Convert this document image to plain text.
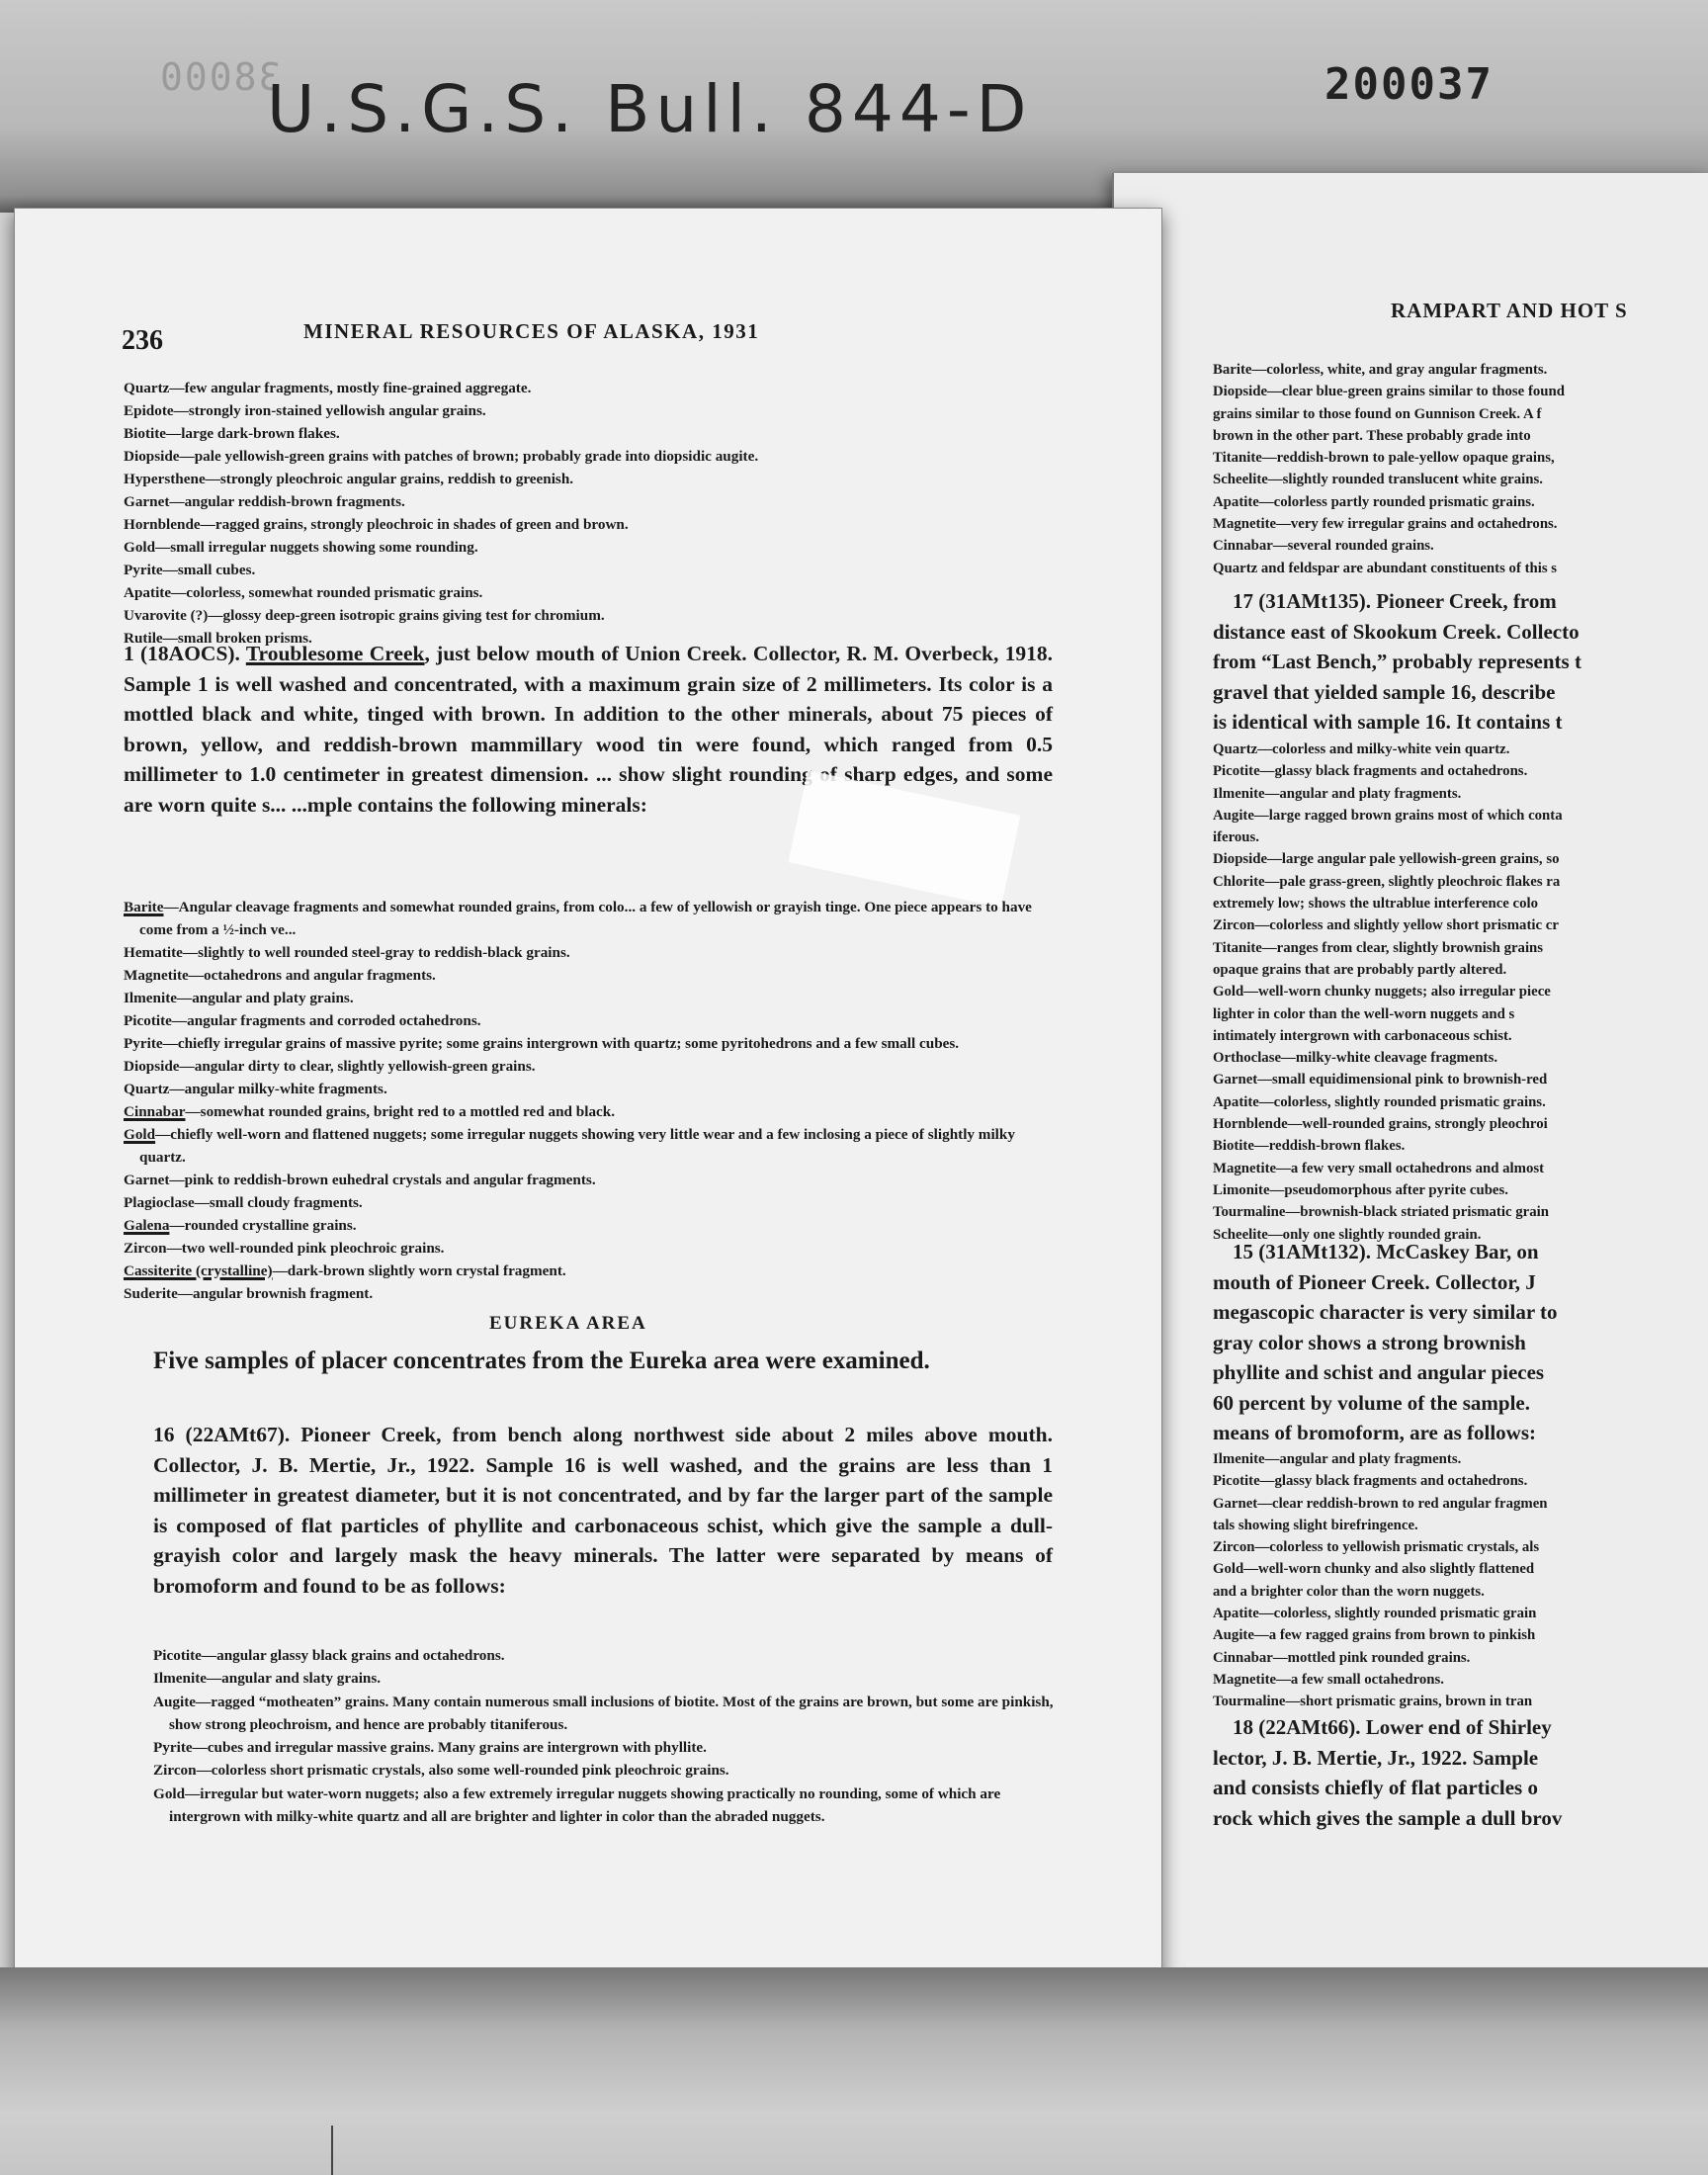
38000
U.S.G.S. Bull. 844-D	200037
RAMPART AND HOT S
Barite—colorless, white, and gray angular fragments.
Diopside—clear blue-green grains similar to those found
grains similar to those found on Gunnison Creek. A f
brown in the other part. These probably grade into
Titanite—reddish-brown to pale-yellow opaque grains,
Scheelite—slightly rounded translucent white grains.
Apatite—colorless partly rounded prismatic grains.
Magnetite—very few irregular grains and octahedrons.
Cinnabar—several rounded grains.
Quartz and feldspar are abundant constituents of this s
17 (31AMt135). Pioneer Creek, from
distance east of Skookum Creek. Collecto
from “Last Bench,” probably represents t
gravel that yielded sample 16, describe
is identical with sample 16. It contains t
Quartz—colorless and milky-white vein quartz.
Picotite—glassy black fragments and octahedrons.
Ilmenite—angular and platy fragments.
Augite—large ragged brown grains most of which conta
iferous.
Diopside—large angular pale yellowish-green grains, so
Chlorite—pale grass-green, slightly pleochroic flakes ra
extremely low; shows the ultrablue interference colo
Zircon—colorless and slightly yellow short prismatic cr
Titanite—ranges from clear, slightly brownish grains
opaque grains that are probably partly altered.
Gold—well-worn chunky nuggets; also irregular piece
lighter in color than the well-worn nuggets and s
intimately intergrown with carbonaceous schist.
Orthoclase—milky-white cleavage fragments.
Garnet—small equidimensional pink to brownish-red
Apatite—colorless, slightly rounded prismatic grains.
Hornblende—well-rounded grains, strongly pleochroi
Biotite—reddish-brown flakes.
Magnetite—a few very small octahedrons and almost
Limonite—pseudomorphous after pyrite cubes.
Tourmaline—brownish-black striated prismatic grain
Scheelite—only one slightly rounded grain.
15 (31AMt132). McCaskey Bar, on
mouth of Pioneer Creek. Collector, J
megascopic character is very similar to
gray color shows a strong brownish
phyllite and schist and angular pieces
60 percent by volume of the sample.
means of bromoform, are as follows:
Ilmenite—angular and platy fragments.
Picotite—glassy black fragments and octahedrons.
Garnet—clear reddish-brown to red angular fragmen
tals showing slight birefringence.
Zircon—colorless to yellowish prismatic crystals, als
Gold—well-worn chunky and also slightly flattened
and a brighter color than the worn nuggets.
Apatite—colorless, slightly rounded prismatic grain
Augite—a few ragged grains from brown to pinkish
Cinnabar—mottled pink rounded grains.
Magnetite—a few small octahedrons.
Tourmaline—short prismatic grains, brown in tran
18 (22AMt66). Lower end of Shirley
lector, J. B. Mertie, Jr., 1922. Sample
and consists chiefly of flat particles o
rock which gives the sample a dull brov
236	MINERAL RESOURCES OF ALASKA, 1931
Quartz—few angular fragments, mostly fine-grained aggregate.
Epidote—strongly iron-stained yellowish angular grains.
Biotite—large dark-brown flakes.
Diopside—pale yellowish-green grains with patches of brown; probably grade into diopsidic augite.
Hypersthene—strongly pleochroic angular grains, reddish to greenish.
Garnet—angular reddish-brown fragments.
Hornblende—ragged grains, strongly pleochroic in shades of green and brown.
Gold—small irregular nuggets showing some rounding.
Pyrite—small cubes.
Apatite—colorless, somewhat rounded prismatic grains.
Uvarovite (?)—glossy deep-green isotropic grains giving test for chromium.
Rutile—small broken prisms.
1 (18AOCS). Troublesome Creek, just below mouth of Union Creek. Collector, R. M. Overbeck, 1918. Sample 1 is well washed and concentrated, with a maximum grain size of 2 millimeters. Its color is a mottled black and white, tinged with brown. In addition to the other minerals, about 75 pieces of brown, yellow, and reddish-brown mammillary wood tin were found, which ranged from 0.5 millimeter to 1.0 centimeter in greatest dimension. ... show slight rounding of sharp edges, and some are worn quite s... ...mple contains the following minerals:
Barite—Angular cleavage fragments and somewhat rounded grains, from colo... a few of yellowish or grayish tinge. One piece appears to have come from a ½-inch ve...
Hematite—slightly to well rounded steel-gray to reddish-black grains.
Magnetite—octahedrons and angular fragments.
Ilmenite—angular and platy grains.
Picotite—angular fragments and corroded octahedrons.
Pyrite—chiefly irregular grains of massive pyrite; some grains intergrown with quartz; some pyritohedrons and a few small cubes.
Diopside—angular dirty to clear, slightly yellowish-green grains.
Quartz—angular milky-white fragments.
Cinnabar—somewhat rounded grains, bright red to a mottled red and black.
Gold—chiefly well-worn and flattened nuggets; some irregular nuggets showing very little wear and a few inclosing a piece of slightly milky quartz.
Garnet—pink to reddish-brown euhedral crystals and angular fragments.
Plagioclase—small cloudy fragments.
Galena—rounded crystalline grains.
Zircon—two well-rounded pink pleochroic grains.
Cassiterite (crystalline)—dark-brown slightly worn crystal fragment.
Suderite—angular brownish fragment.
EUREKA AREA
Five samples of placer concentrates from the Eureka area were examined.
16 (22AMt67). Pioneer Creek, from bench along northwest side about 2 miles above mouth. Collector, J. B. Mertie, Jr., 1922. Sample 16 is well washed, and the grains are less than 1 millimeter in greatest diameter, but it is not concentrated, and by far the larger part of the sample is composed of flat particles of phyllite and carbonaceous schist, which give the sample a dull-grayish color and largely mask the heavy minerals. The latter were separated by means of bromoform and found to be as follows:
Picotite—angular glassy black grains and octahedrons.
Ilmenite—angular and slaty grains.
Augite—ragged “motheaten” grains. Many contain numerous small inclusions of biotite. Most of the grains are brown, but some are pinkish, show strong pleochroism, and hence are probably titaniferous.
Pyrite—cubes and irregular massive grains. Many grains are intergrown with phyllite.
Zircon—colorless short prismatic crystals, also some well-rounded pink pleochroic grains.
Gold—irregular but water-worn nuggets; also a few extremely irregular nuggets showing practically no rounding, some of which are intergrown with milky-white quartz and all are brighter and lighter in color than the abraded nuggets.
